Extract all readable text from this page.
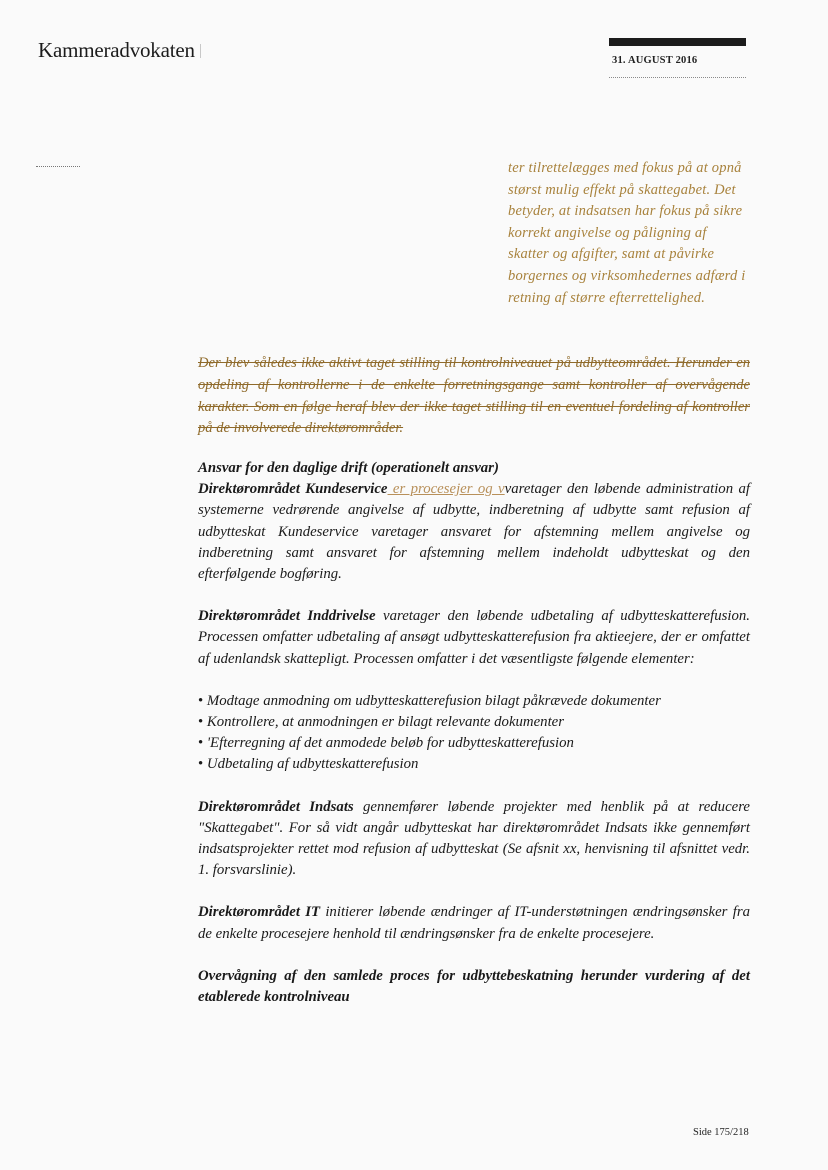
Kammeradvokaten	31. AUGUST 2016
ter tilrettelægges med fokus på at opnå størst mulig effekt på skattegabet. Det betyder, at indsatsen har fokus på sikre korrekt angivelse og påligning af skatter og afgifter, samt at påvirke borgernes og virksomhedernes adfærd i retning af større efterrettelighed.
Der blev således ikke aktivt taget stilling til kontrolniveauet på udbytteområdet. Herunder en opdeling af kontrollerne i de enkelte forretningsgange samt kontroller af overvågende karakter. Som en følge heraf blev der ikke taget stilling til en eventuel fordeling af kontroller på de involverede direktørområder.

Ansvar for den daglige drift (operationelt ansvar)

Direktørområdet Kundeservice er procesejer og vvaretager den løbende administration af systemerne vedrørende angivelse af udbytte, indberetning af udbytte samt refusion af udbytteskat Kundeservice varetager ansvaret for afstemning mellem angivelse og indberetning samt ansvaret for afstemning mellem indeholdt udbytteskat og den efterfølgende bogføring.

Direktørområdet Inddrivelse varetager den løbende udbetaling af udbytteskatterefusion. Processen omfatter udbetaling af ansøgt udbytteskatterefusion fra aktieejere, der er omfattet af udenlandsk skattepligt. Processen omfatter i det væsentligste følgende elementer:

• Modtage anmodning om udbytteskatterefusion bilagt påkrævede dokumenter
• Kontrollere, at anmodningen er bilagt relevante dokumenter
• 'Efterregning af det anmodede beløb for udbytteskatterefusion
• Udbetaling af udbytteskatterefusion

Direktørområdet Indsats gennemfører løbende projekter med henblik på at reducere "Skattegabet". For så vidt angår udbytteskat har direktørområdet Indsats ikke gennemført indsatsprojekter rettet mod refusion af udbytteskat (Se afsnit xx, henvisning til afsnittet vedr. 1. forsvarslinie).

Direktørområdet IT initierer løbende ændringer af IT-understøtningen ændringsønsker fra de enkelte procesejere henhold til ændringsønsker fra de enkelte procesejere.

Overvågning af den samlede proces for udbyttebeskatning herunder vurdering af det etablerede kontrolniveau

Side 175/218
